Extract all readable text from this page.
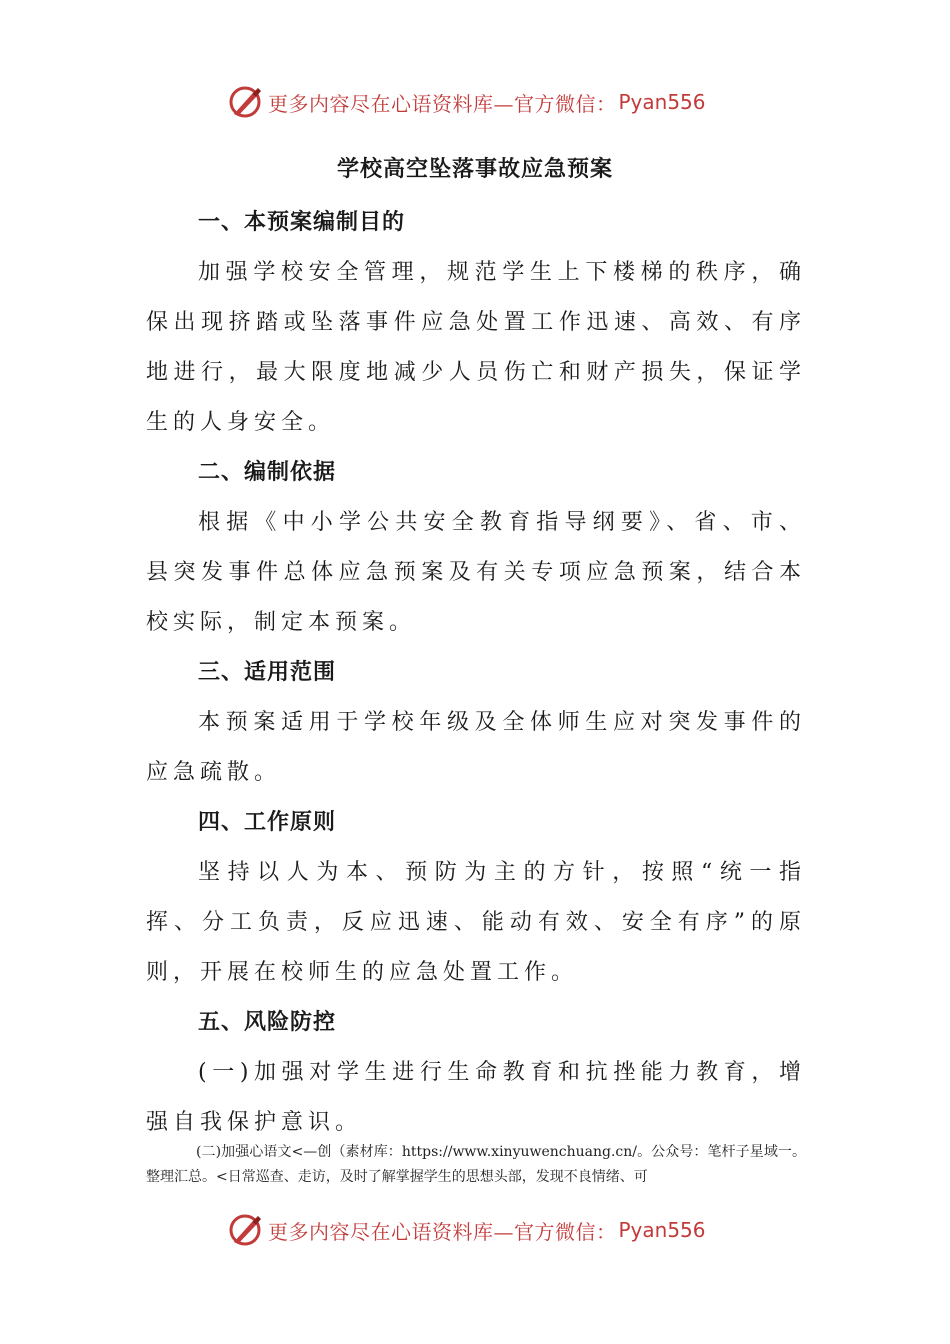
更多内容尽在心语资料库—官方微信： Pyan556
学校高空坠落事故应急预案
一、本预案编制目的

加强学校安全管理，规范学生上下楼梯的秩序，确保出现挤踏或坠落事件应急处置工作迅速、高效、有序地进行，最大限度地减少人员伤亡和财产损失，保证学生的人身安全。

二、编制依据

根据《中小学公共安全教育指导纲要》、省、市、县突发事件总体应急预案及有关专项应急预案，结合本校实际，制定本预案。

三、适用范围

本预案适用于学校年级及全体师生应对突发事件的应急疏散。

四、工作原则

坚持以人为本、预防为主的方针，按照“统一指挥、分工负责，反应迅速、能动有效、安全有序”的原则，开展在校师生的应急处置工作。

五、风险防控

(一)加强对学生进行生命教育和抗挫能力教育，增强自我保护意识。

(二)加强心语文<—创（素材库：https://www.xinyuwenchuang.cn/。公众号：笔杆子星域一。整理汇总。<日常巡查、走访，及时了解掌握学生的思想头部，发现不良情绪、可
更多内容尽在心语资料库—官方微信： Pyan556
